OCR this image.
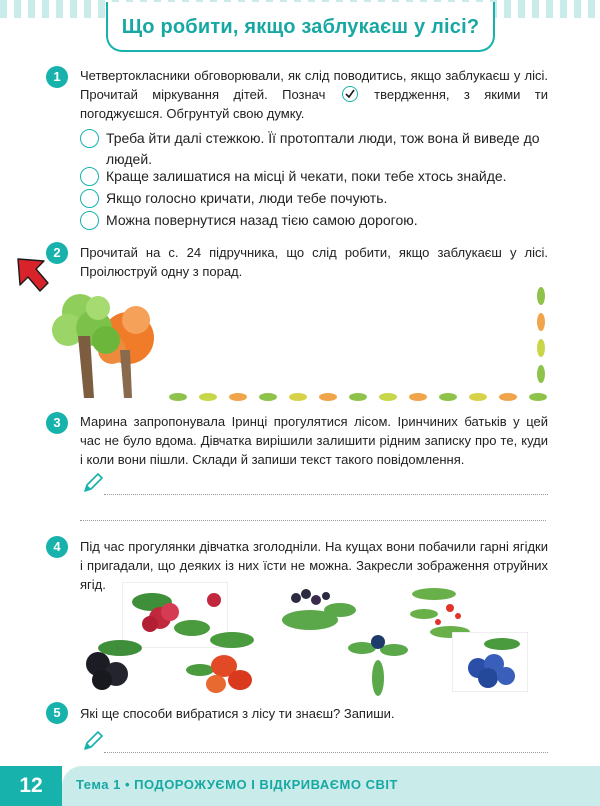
Що робити, якщо заблукаєш у лісі?
1	Четвертокласники обговорювали, як слід поводитись, якщо заблукаєш у лісі. Прочитай міркування дітей. Познач	твердження, з якими ти погоджуєшся. Обгрунтуй свою думку.
Треба йти далі стежкою. Її протоптали люди, тож вона й виведе до людей.
Краще залишатися на місці й чекати, поки тебе хтось знайде.
Якщо голосно кричати, люди тебе почують.
Можна повернутися назад тією самою дорогою.
2	Прочитай на с. 24 підручника, що слід робити, якщо заблукаєш у лісі. Проілюструй одну з порад.
3	Марина запропонувала Іринці прогулятися лісом. Іринчиних батьків у цей час не було вдома. Дівчатка вирішили залишити рідним записку про те, куди і коли вони пішли. Склади й запиши текст такого повідомлення.
4	Під час прогулянки дівчатка зголодніли. На кущах вони побачили гарні ягідки і пригадали, що деяких із них їсти не можна. Закресли зображення отруйних ягід.
5	Які ще способи вибратися з лісу ти знаєш? Запиши.
12	Тема 1 • ПОДОРОЖУЄМО І ВІДКРИВАЄМО СВІТ
